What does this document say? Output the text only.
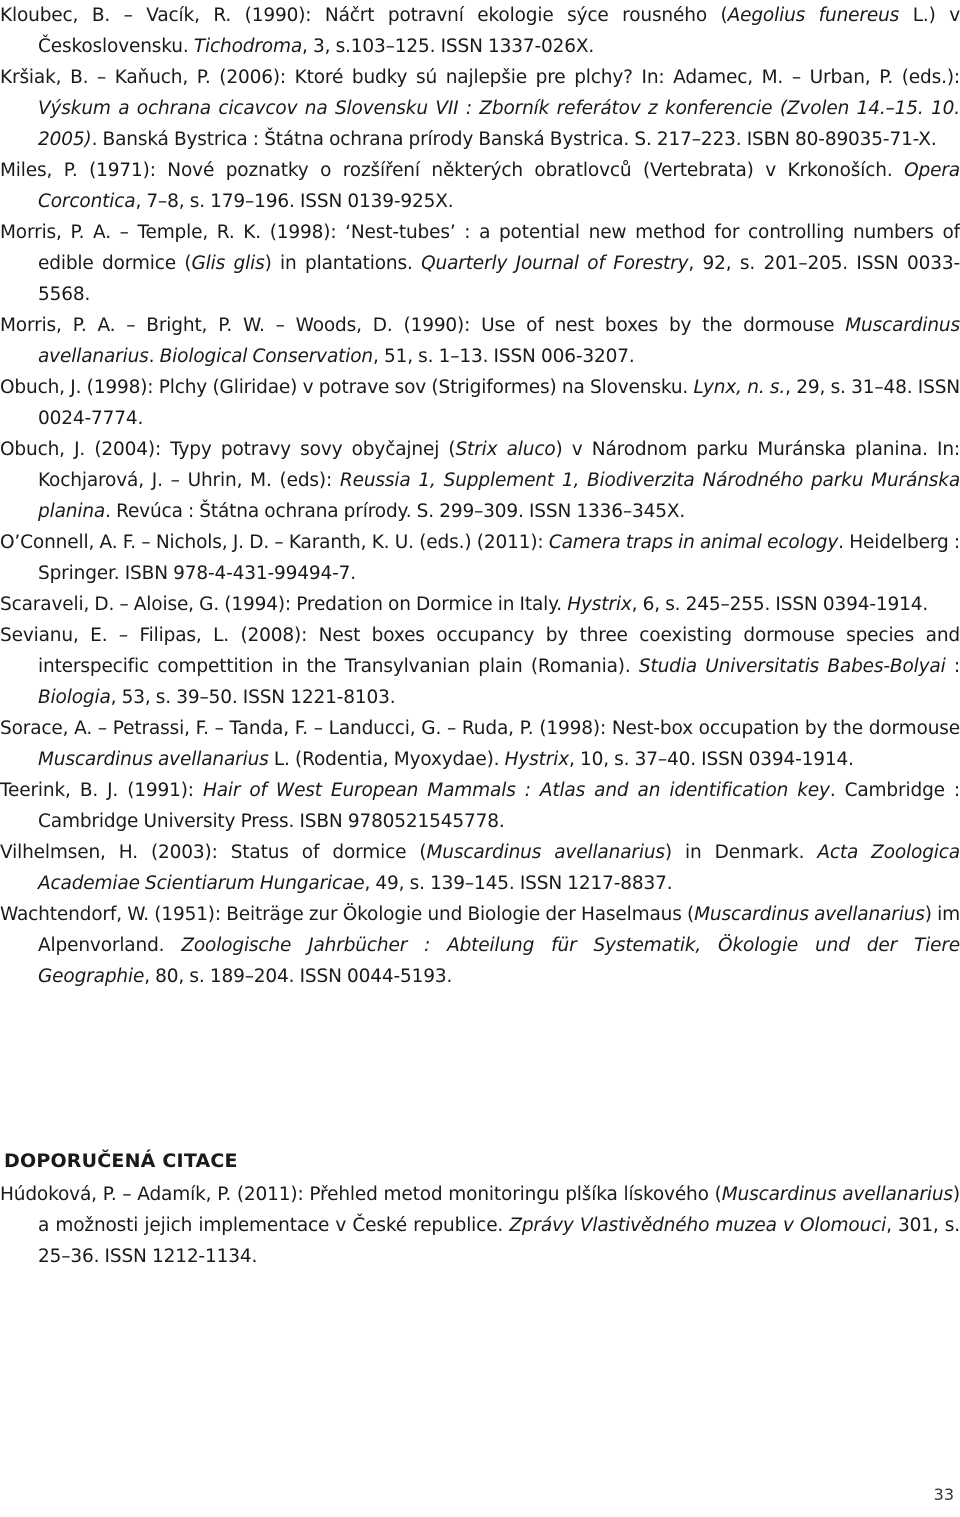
Kloubec, B. – Vacík, R. (1990): Náčrt potravní ekologie sýce rousného (Aegolius funereus L.) v Československu. Tichodroma, 3, s.103–125. ISSN 1337-026X.

Kršiak, B. – Kaňuch, P. (2006): Ktoré budky sú najlepšie pre plchy? In: Adamec, M. – Urban, P. (eds.): Výskum a ochrana cicavcov na Slovensku VII : Zborník referátov z konferencie (Zvolen 14.–15. 10. 2005). Banská Bystrica : Štátna ochrana prírody Banská Bystrica. S. 217–223. ISBN 80-89035-71-X.

Miles, P. (1971): Nové poznatky o rozšíření některých obratlovců (Vertebrata) v Krkonoších. Opera Corcontica, 7–8, s. 179–196. ISSN 0139-925X.

Morris, P. A. – Temple, R. K. (1998): ‘Nest-tubes’ : a potential new method for controlling numbers of edible dormice (Glis glis) in plantations. Quarterly Journal of Forestry, 92, s. 201–205. ISSN 0033-5568.

Morris, P. A. – Bright, P. W. – Woods, D. (1990): Use of nest boxes by the dormouse Muscardinus avellanarius. Biological Conservation, 51, s. 1–13. ISSN 006-3207.

Obuch, J. (1998): Plchy (Gliridae) v potrave sov (Strigiformes) na Slovensku. Lynx, n. s., 29, s. 31–48. ISSN 0024-7774.

Obuch, J. (2004): Typy potravy sovy obyčajnej (Strix aluco) v Národnom parku Muránska planina. In: Kochjarová, J. – Uhrin, M. (eds): Reussia 1, Supplement 1, Biodiverzita Národného parku Muránska planina. Revúca : Štátna ochrana prírody. S. 299–309. ISSN 1336–345X.

O’Connell, A. F. – Nichols, J. D. – Karanth, K. U. (eds.) (2011): Camera traps in animal ecology. Heidelberg : Springer. ISBN 978-4-431-99494-7.

Scaraveli, D. – Aloise, G. (1994): Predation on Dormice in Italy. Hystrix, 6, s. 245–255. ISSN 0394-1914.

Sevianu, E. – Filipas, L. (2008): Nest boxes occupancy by three coexisting dormouse species and interspecific compettition in the Transylvanian plain (Romania). Studia Universitatis Babes-Bolyai : Biologia, 53, s. 39–50. ISSN 1221-8103.

Sorace, A. – Petrassi, F. – Tanda, F. – Landucci, G. – Ruda, P. (1998): Nest-box occupation by the dormouse Muscardinus avellanarius L. (Rodentia, Myoxydae). Hystrix, 10, s. 37–40. ISSN 0394-1914.

Teerink, B. J. (1991): Hair of West European Mammals : Atlas and an identification key. Cambridge : Cambridge University Press. ISBN 9780521545778.

Vilhelmsen, H. (2003): Status of dormice (Muscardinus avellanarius) in Denmark. Acta Zoologica Academiae Scientiarum Hungaricae, 49, s. 139–145. ISSN 1217-8837.

Wachtendorf, W. (1951): Beiträge zur Ökologie und Biologie der Haselmaus (Muscardinus avellanarius) im Alpenvorland. Zoologische Jahrbücher : Abteilung für Systematik, Ökologie und der Tiere Geographie, 80, s. 189–204. ISSN 0044-5193.

DOPORUČENÁ CITACE

Húdoková, P. – Adamík, P. (2011): Přehled metod monitoringu plšíka lískového (Muscardinus avellanarius) a možnosti jejich implementace v České republice. Zprávy Vlastivědného muzea v Olomouci, 301, s. 25–36. ISSN 1212-1134.

33
